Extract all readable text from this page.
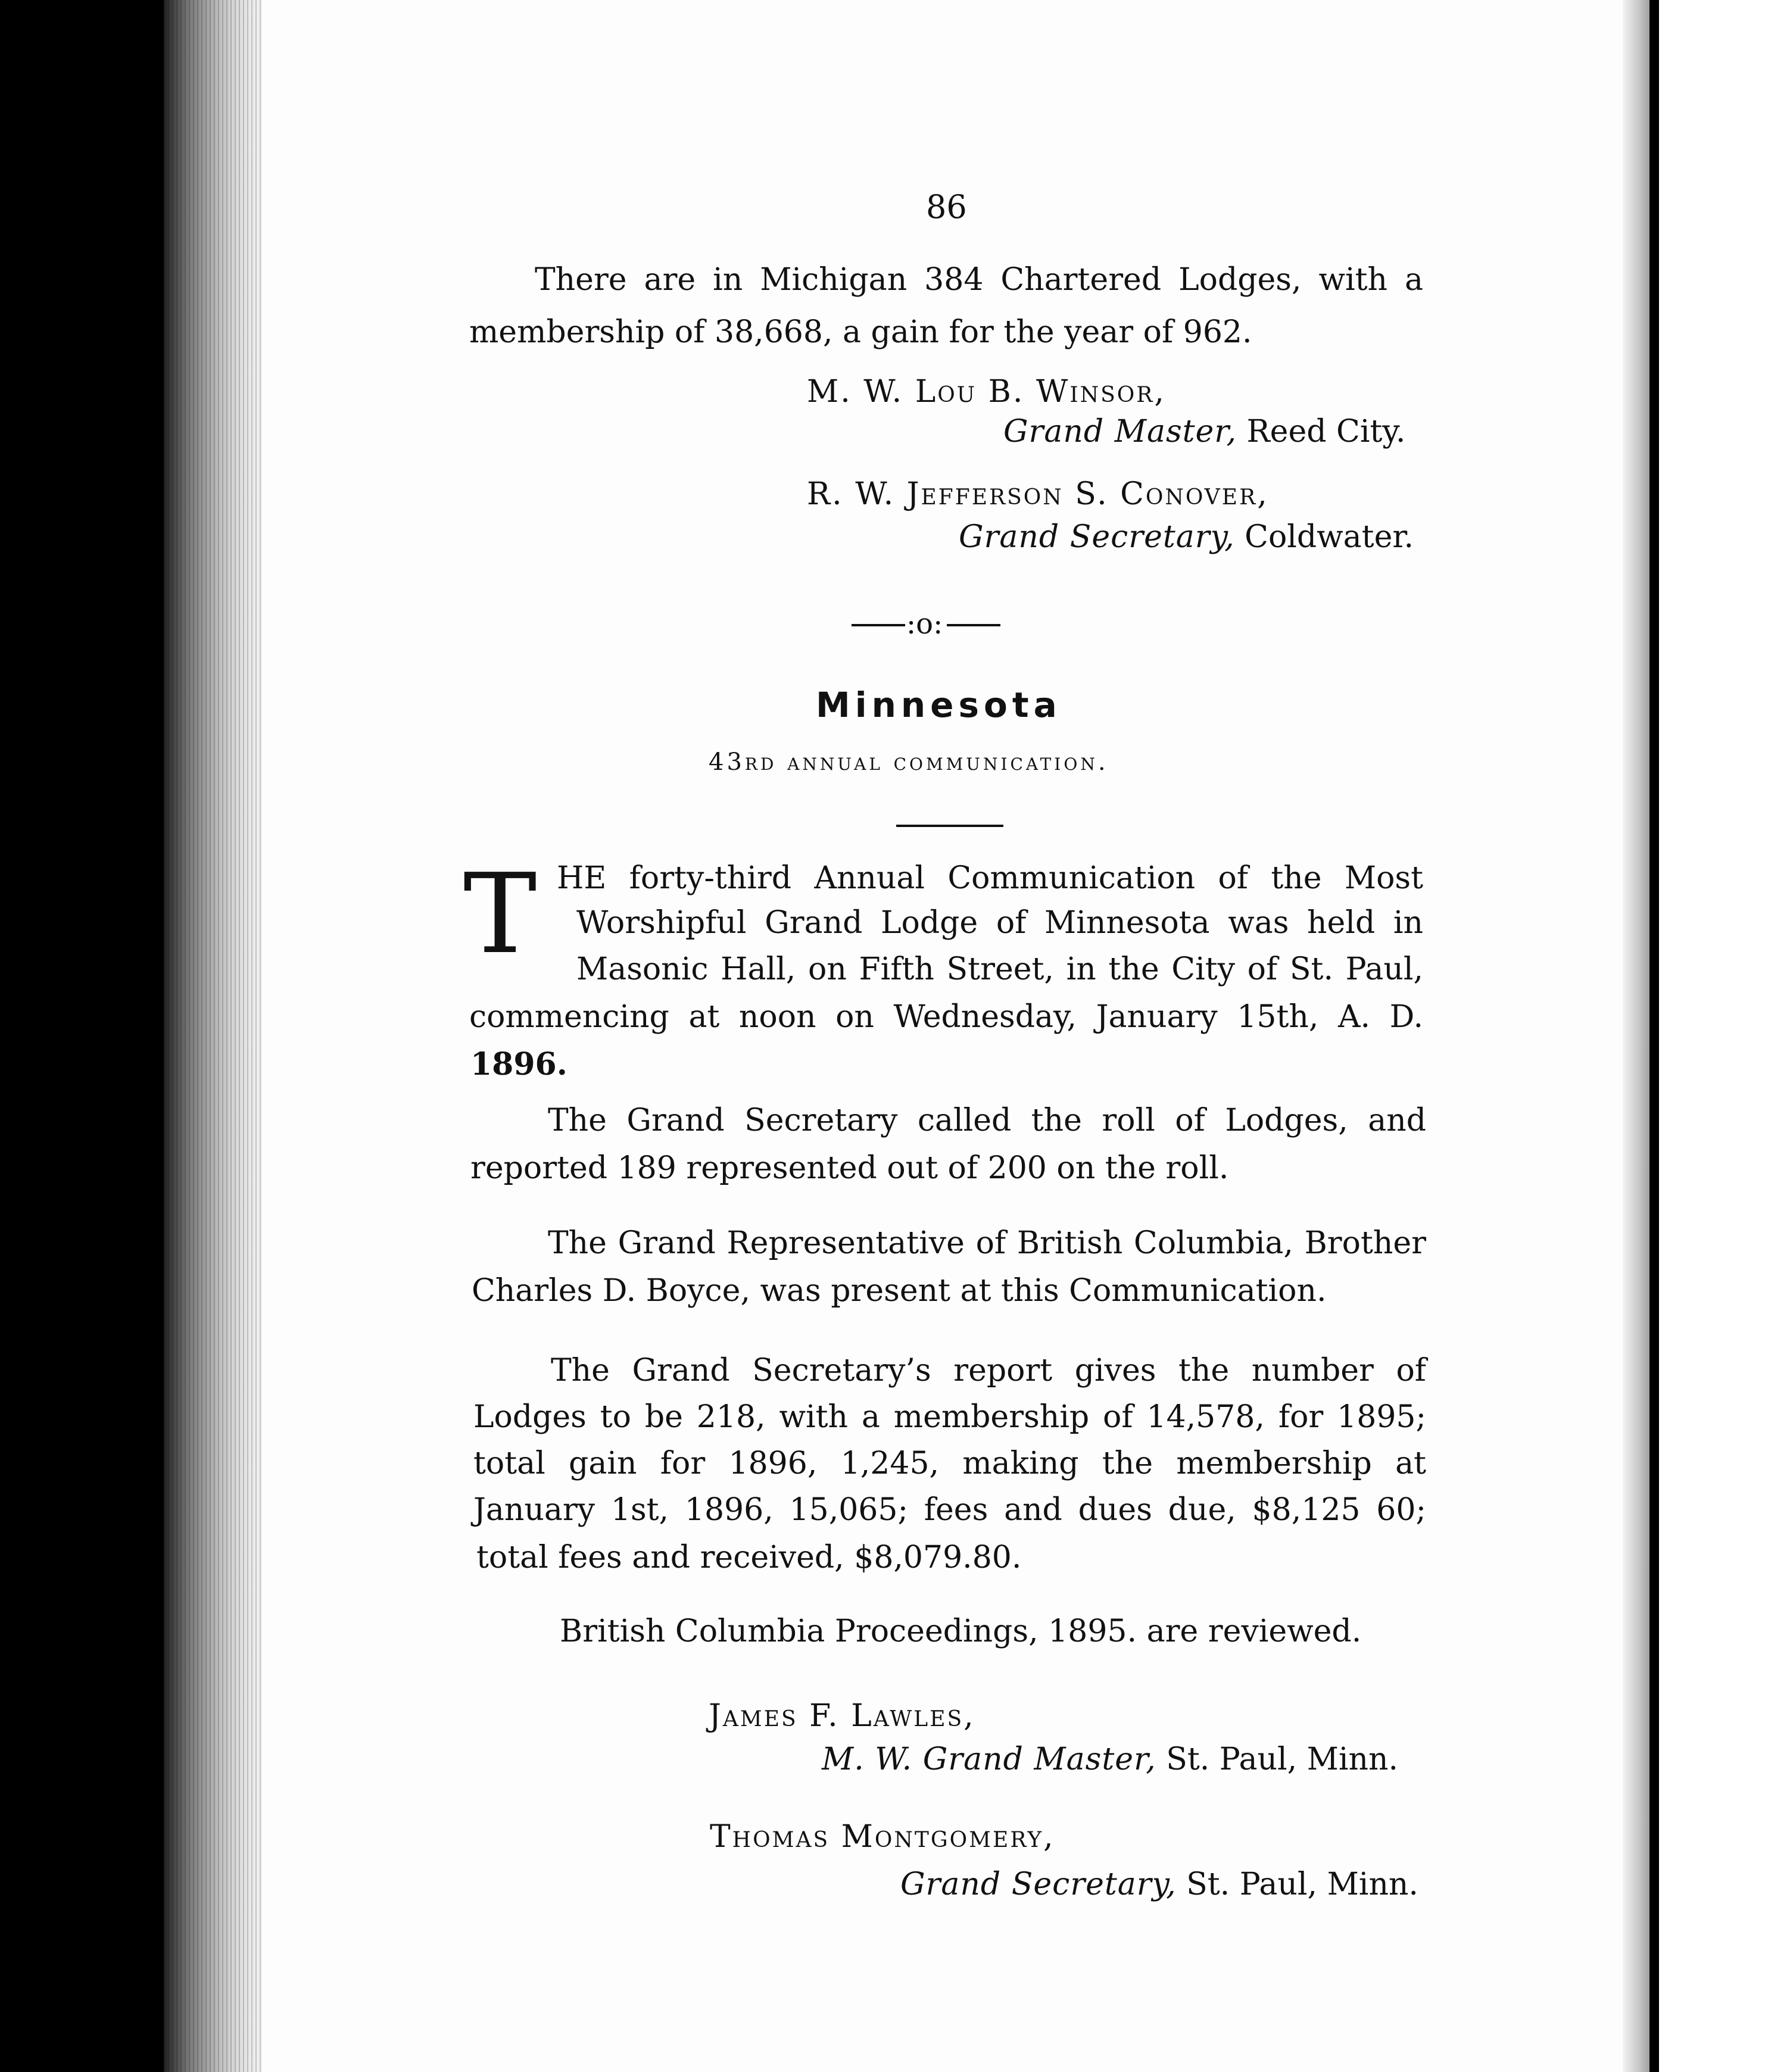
86
There are in Michigan 384 Chartered Lodges, with a
membership of 38,668, a gain for the year of 962.
M. W. Lou B. Winsor,
Grand Master, Reed City.
R. W. Jefferson S. Conover,
Grand Secretary, Coldwater.
:o:
Minnesota
43rd annual communication.
T HE forty-third Annual Communication of the Most
Worshipful Grand Lodge of Minnesota was held in
Masonic Hall, on Fifth Street, in the City of St. Paul,
commencing at noon on Wednesday, January 15th, A. D.
1896.
The Grand Secretary called the roll of Lodges, and
reported 189 represented out of 200 on the roll.
The Grand Representative of British Columbia, Brother
Charles D. Boyce, was present at this Communication.
The Grand Secretary’s report gives the number of
Lodges to be 218, with a membership of 14,578, for 1895;
total gain for 1896, 1,245, making the membership at
January 1st, 1896, 15,065; fees and dues due, $8,125 60;
total fees and received, $8,079.80.
British Columbia Proceedings, 1895. are reviewed.
James F. Lawles,
M. W. Grand Master, St. Paul, Minn.
Thomas Montgomery,
Grand Secretary, St. Paul, Minn.
